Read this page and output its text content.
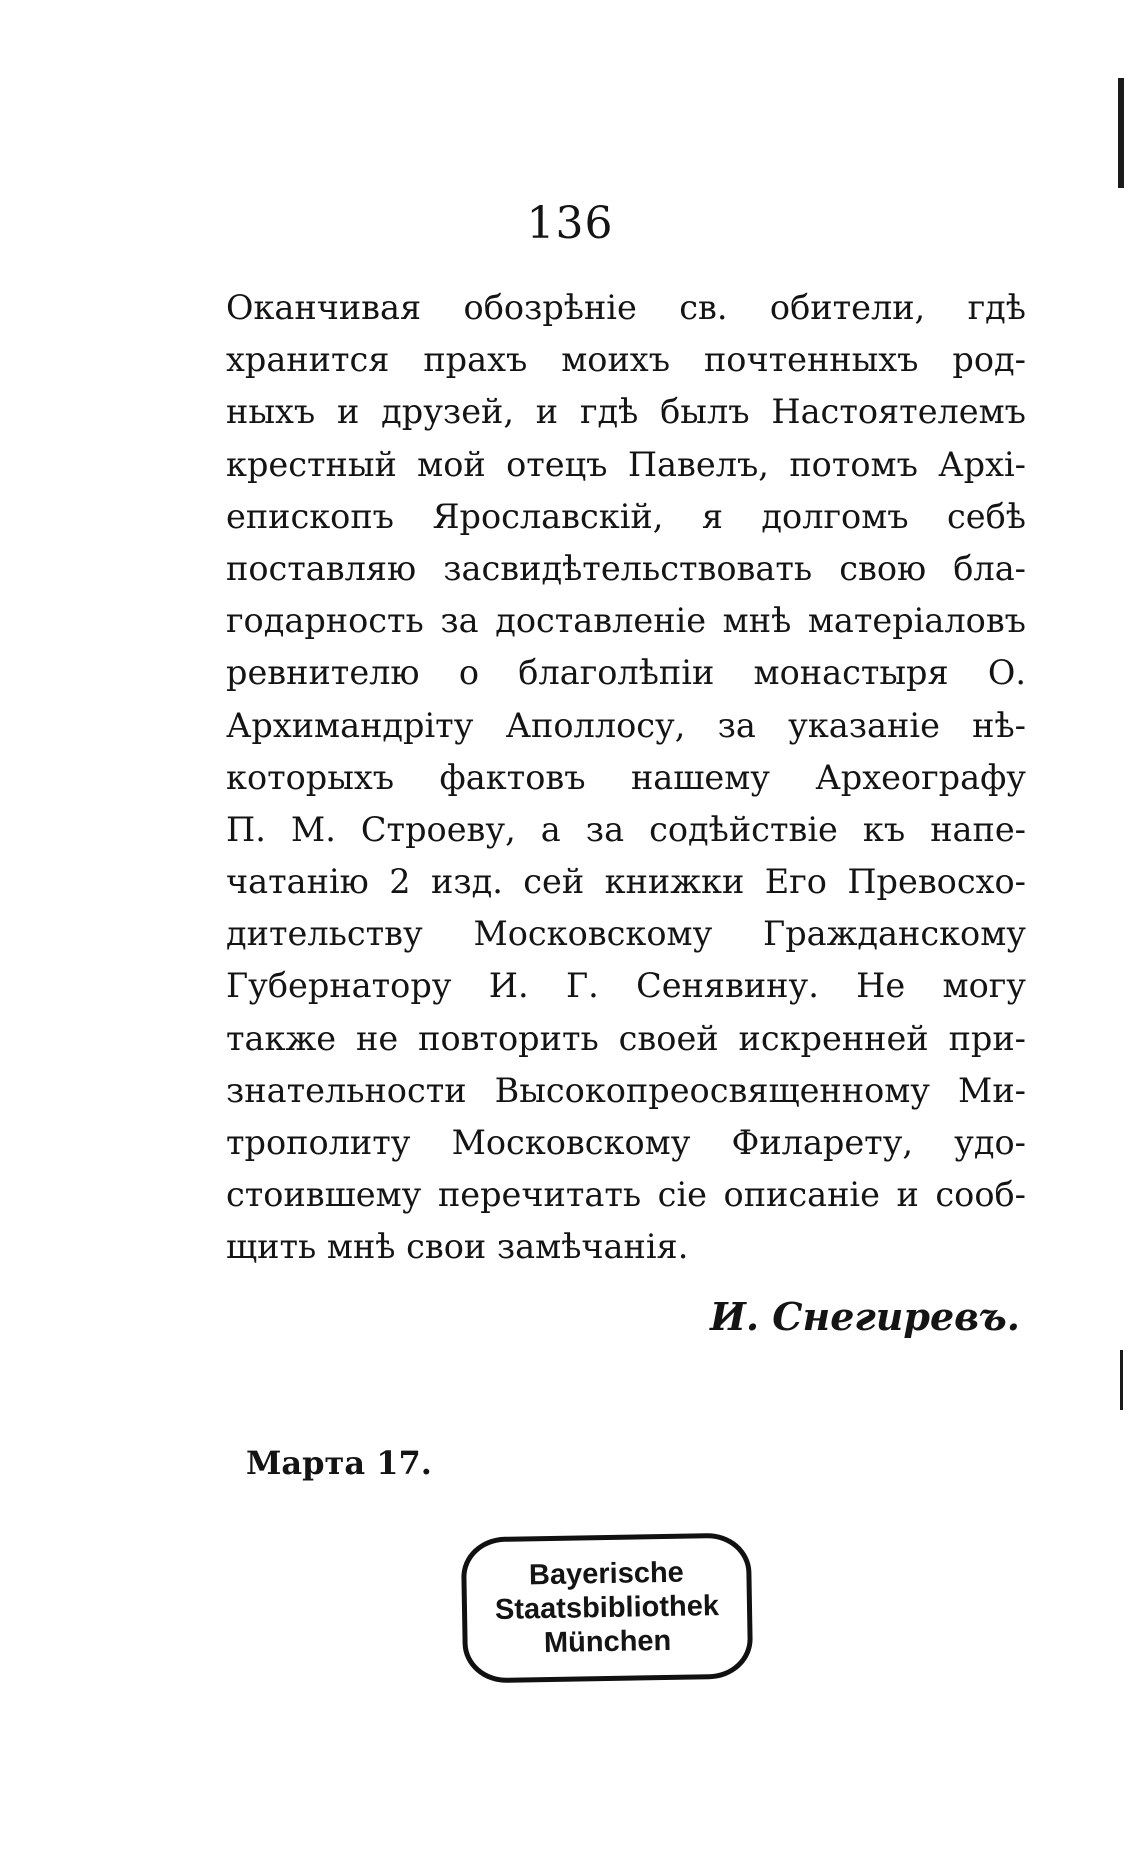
136
Оканчивая обозрѣніе св. обители, гдѣ
хранится прахъ моихъ почтенныхъ род-
ныхъ и друзей, и гдѣ былъ Настоятелемъ
крестный мой отецъ Павелъ, потомъ Архі-
епископъ Ярославскій, я долгомъ себѣ
поставляю засвидѣтельствовать свою бла-
годарность за доставленіе мнѣ матеріаловъ
ревнителю о благолѣпіи монастыря О.
Архимандріту Аполлосу, за указаніе нѣ-
которыхъ фактовъ нашему Археографу
П. М. Строеву, а за содѣйствіе къ напе-
чатанію 2 изд. сей книжки Его Превосхо-
дительству Московскому Гражданскому
Губернатору И. Г. Сенявину. Не могу
также не повторить своей искренней при-
знательности Высокопреосвященному Ми-
трополиту Московскому Филарету, удо-
стоившему перечитать сіе описаніе и сооб-
щить мнѣ свои замѣчанія.
И. Снегиревъ.
Марта 17.
Bayerische
Staatsbibliothek
München
